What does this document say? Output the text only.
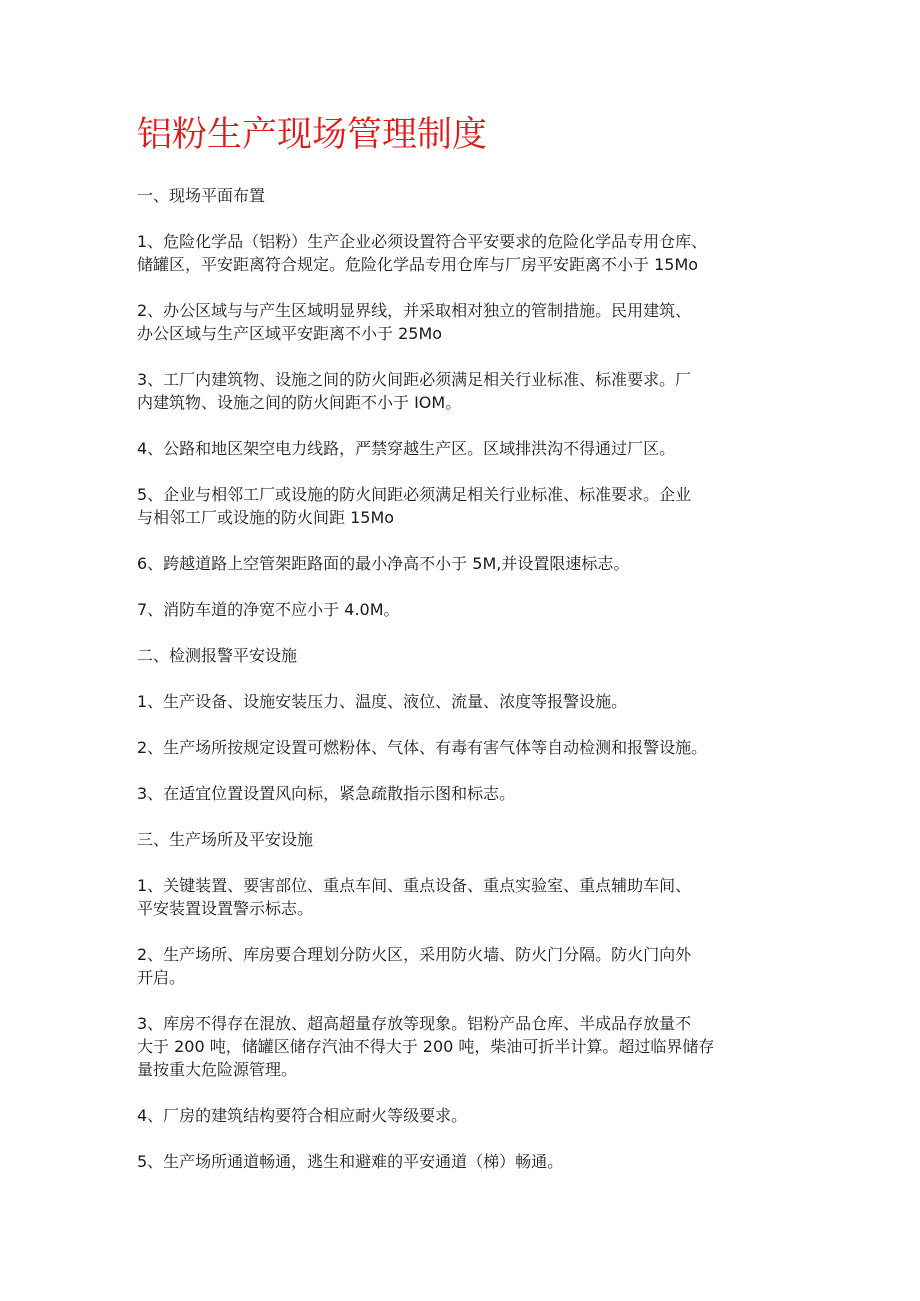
铝粉生产现场管理制度

一、现场平面布置

1、危险化学品（铝粉）生产企业必须设置符合平安要求的危险化学品专用仓库、
储罐区，平安距离符合规定。危险化学品专用仓库与厂房平安距离不小于 15Mo

2、办公区域与与产生区域明显界线，并采取相对独立的管制措施。民用建筑、
办公区域与生产区域平安距离不小于 25Mo

3、工厂内建筑物、设施之间的防火间距必须满足相关行业标准、标准要求。厂
内建筑物、设施之间的防火间距不小于 IOM。

4、公路和地区架空电力线路，严禁穿越生产区。区域排洪沟不得通过厂区。

5、企业与相邻工厂或设施的防火间距必须满足相关行业标准、标准要求。企业
与相邻工厂或设施的防火间距 15Mo

6、跨越道路上空管架距路面的最小净高不小于 5M,并设置限速标志。

7、消防车道的净宽不应小于 4.0M。

二、检测报警平安设施

1、生产设备、设施安装压力、温度、液位、流量、浓度等报警设施。

2、生产场所按规定设置可燃粉体、气体、有毒有害气体等自动检测和报警设施。

3、在适宜位置设置风向标，紧急疏散指示图和标志。

三、生产场所及平安设施

1、关键装置、要害部位、重点车间、重点设备、重点实验室、重点辅助车间、
平安装置设置警示标志。

2、生产场所、库房要合理划分防火区，采用防火墙、防火门分隔。防火门向外
开启。

3、库房不得存在混放、超高超量存放等现象。铝粉产品仓库、半成品存放量不
大于 200 吨，储罐区储存汽油不得大于 200 吨，柴油可折半计算。超过临界储存
量按重大危险源管理。

4、厂房的建筑结构要符合相应耐火等级要求。

5、生产场所通道畅通，逃生和避难的平安通道（梯）畅通。
